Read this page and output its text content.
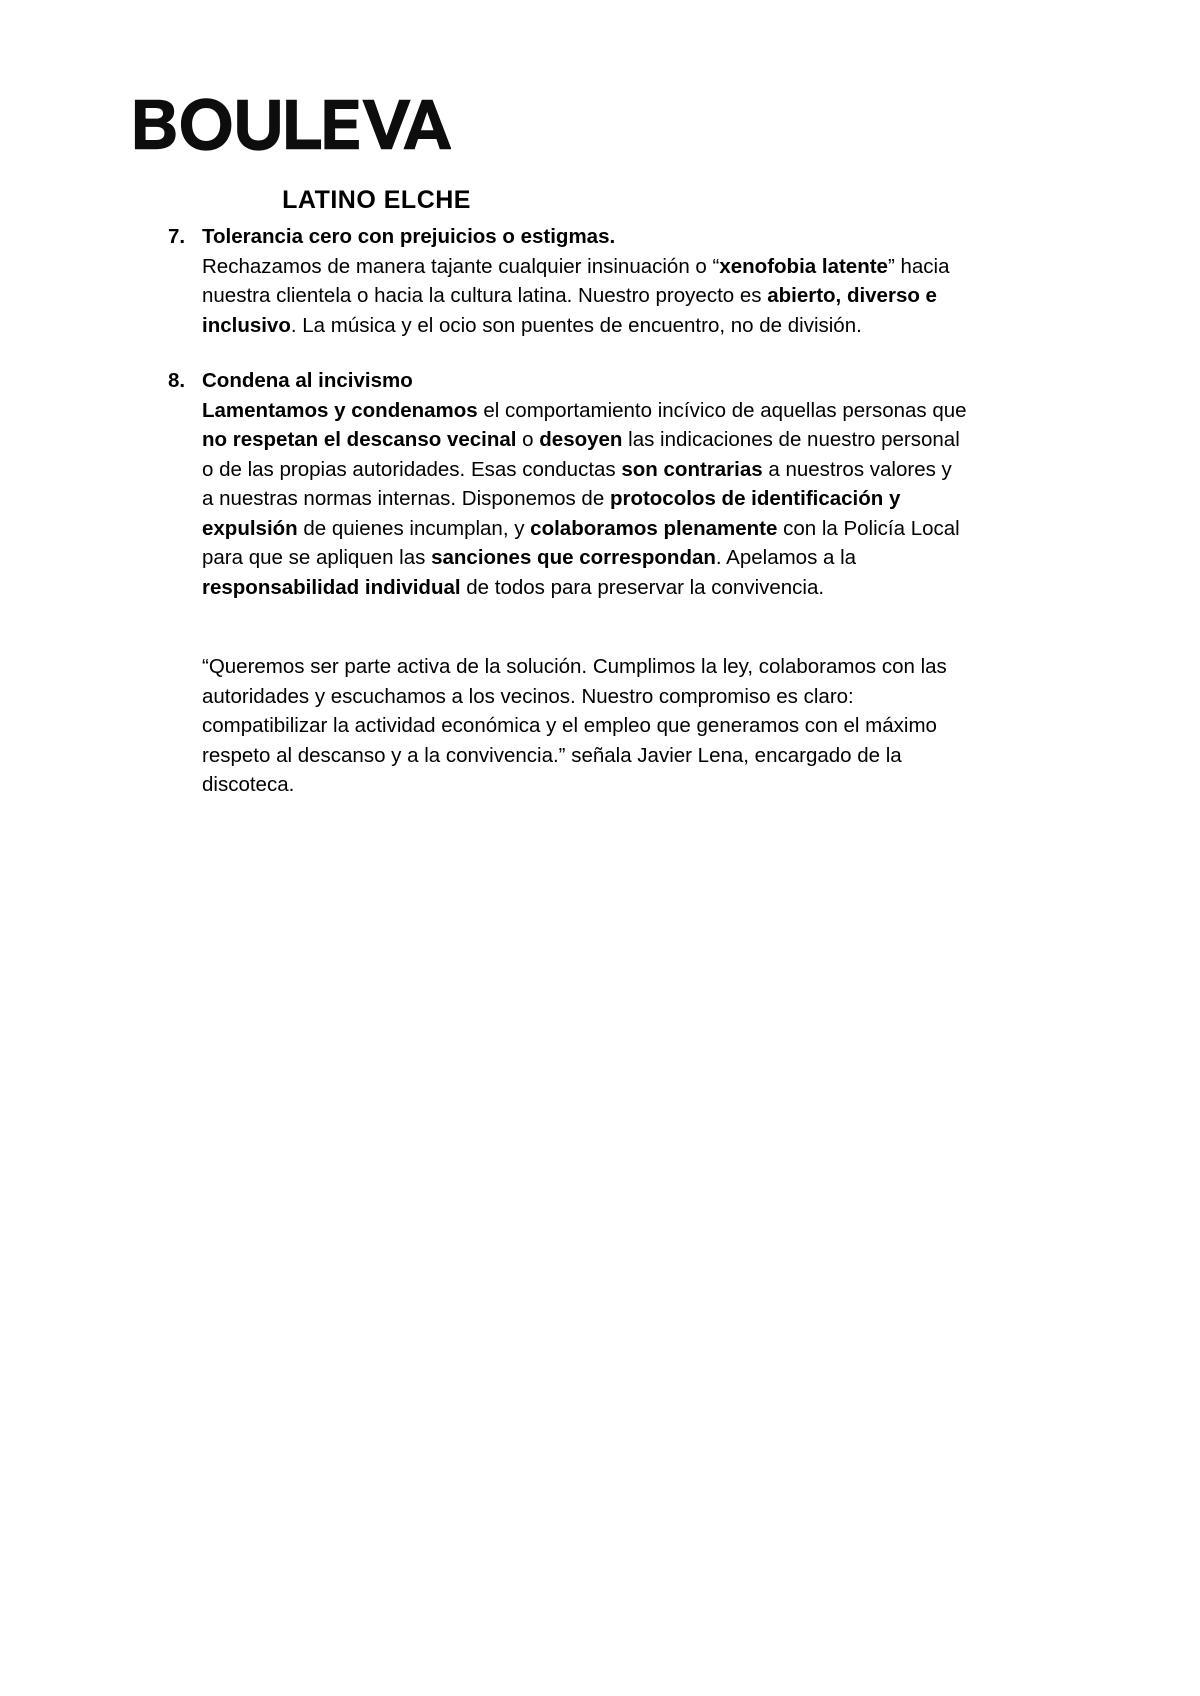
LATINO ELCHE
7. Tolerancia cero con prejuicios o estigmas.
Rechazamos de manera tajante cualquier insinuación o “xenofobia latente” hacia nuestra clientela o hacia la cultura latina. Nuestro proyecto es abierto, diverso e inclusivo. La música y el ocio son puentes de encuentro, no de división.
8. Condena al incivismo
Lamentamos y condenamos el comportamiento incívico de aquellas personas que no respetan el descanso vecinal o desoyen las indicaciones de nuestro personal o de las propias autoridades. Esas conductas son contrarias a nuestros valores y a nuestras normas internas. Disponemos de protocolos de identificación y expulsión de quienes incumplan, y colaboramos plenamente con la Policía Local para que se apliquen las sanciones que correspondan. Apelamos a la responsabilidad individual de todos para preservar la convivencia.
“Queremos ser parte activa de la solución. Cumplimos la ley, colaboramos con las autoridades y escuchamos a los vecinos. Nuestro compromiso es claro: compatibilizar la actividad económica y el empleo que generamos con el máximo respeto al descanso y a la convivencia.” señala Javier Lena, encargado de la discoteca.
